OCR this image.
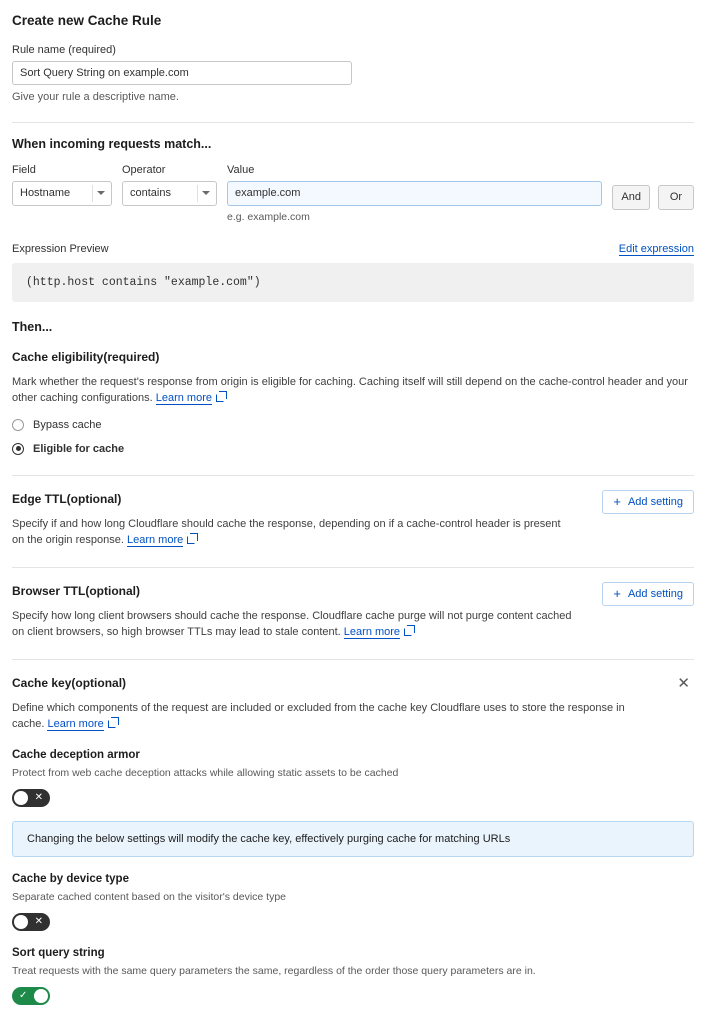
Create new Cache Rule
Rule name (required)
Sort Query String on example.com
Give your rule a descriptive name.
When incoming requests match...
Field
Hostname
Operator
contains
Value
example.com
e.g. example.com
And	Or
Expression Preview	Edit expression
(http.host contains "example.com")
Then...
Cache eligibility(required)
Mark whether the request's response from origin is eligible for caching. Caching itself will still depend on the cache-control header and your other caching configurations. Learn more
Bypass cache
Eligible for cache
Edge TTL(optional)
Specify if and how long Cloudflare should cache the response, depending on if a cache-control header is present on the origin response. Learn more
+ Add setting
Browser TTL(optional)
Specify how long client browsers should cache the response. Cloudflare cache purge will not purge content cached on client browsers, so high browser TTLs may lead to stale content. Learn more
+ Add setting
Cache key(optional)
Define which components of the request are included or excluded from the cache key Cloudflare uses to store the response in cache. Learn more
✕
Cache deception armor
Protect from web cache deception attacks while allowing static assets to be cached
✕
Changing the below settings will modify the cache key, effectively purging cache for matching URLs
Cache by device type
Separate cached content based on the visitor's device type
✕
Sort query string
Treat requests with the same query parameters the same, regardless of the order those query parameters are in.
✓
